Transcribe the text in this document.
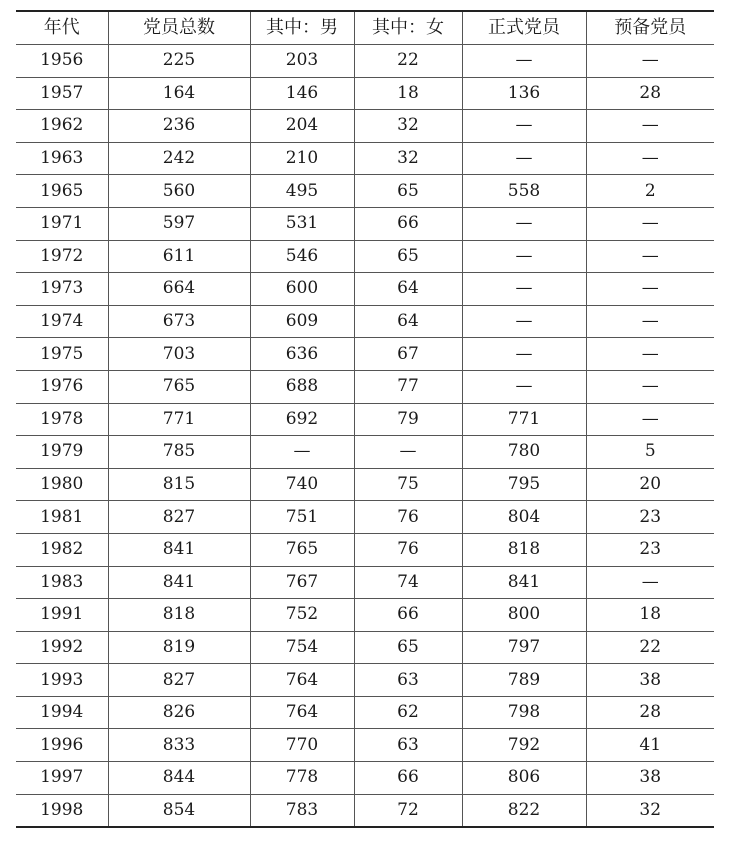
年代	党员总数	其中：男	其中：女	正式党员	预备党员
1956	225	203	22	—	—
1957	164	146	18	136	28
1962	236	204	32	—	—
1963	242	210	32	—	—
1965	560	495	65	558	2
1971	597	531	66	—	—
1972	611	546	65	—	—
1973	664	600	64	—	—
1974	673	609	64	—	—
1975	703	636	67	—	—
1976	765	688	77	—	—
1978	771	692	79	771	—
1979	785	—	—	780	5
1980	815	740	75	795	20
1981	827	751	76	804	23
1982	841	765	76	818	23
1983	841	767	74	841	—
1991	818	752	66	800	18
1992	819	754	65	797	22
1993	827	764	63	789	38
1994	826	764	62	798	28
1996	833	770	63	792	41
1997	844	778	66	806	38
1998	854	783	72	822	32
